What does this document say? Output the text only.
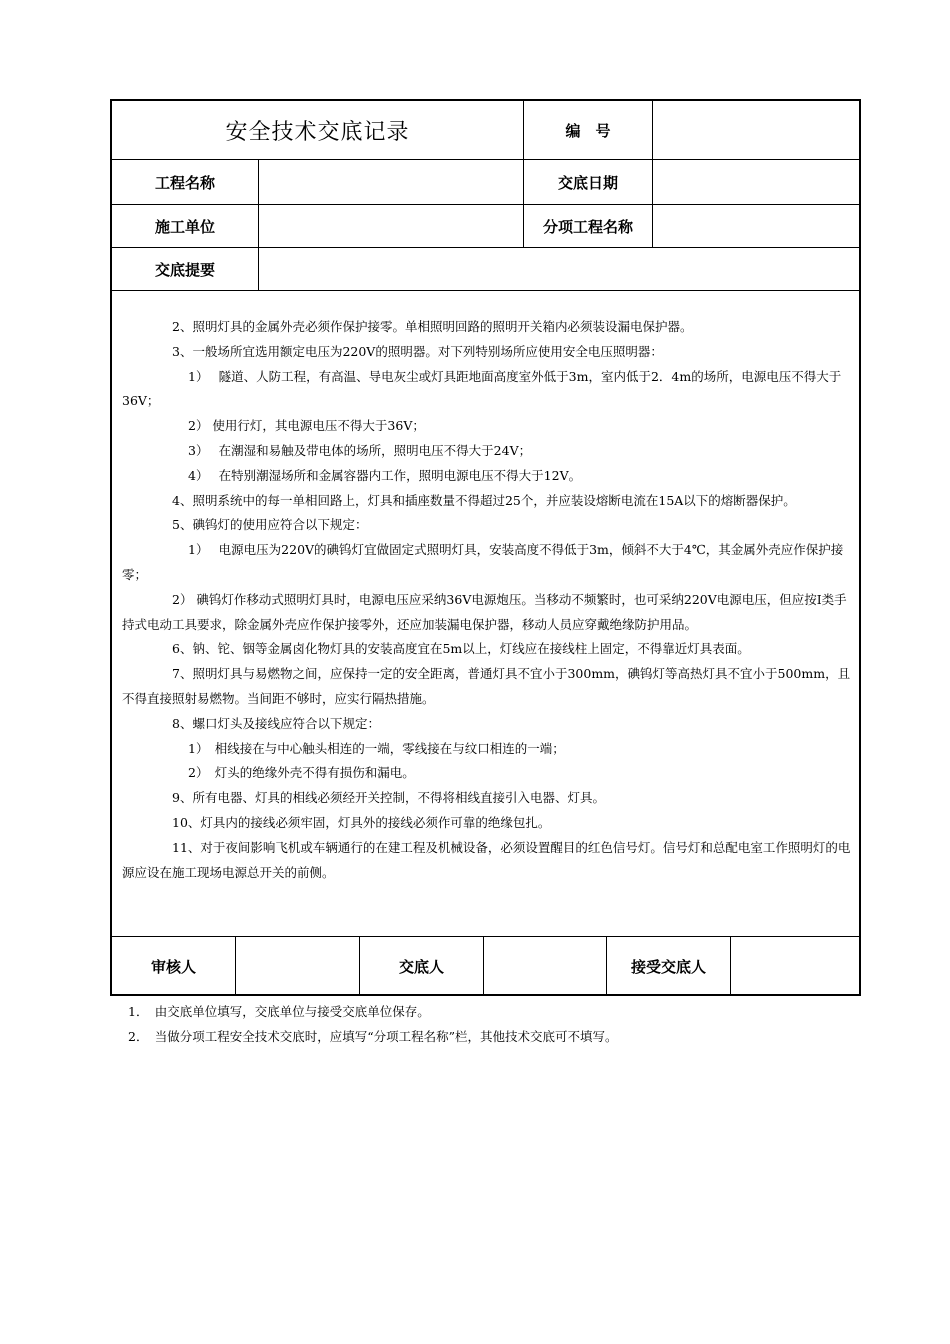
安全技术交底记录	编　号
工程名称	交底日期
施工单位	分项工程名称
交底提要

2、照明灯具的金属外壳必须作保护接零。单相照明回路的照明开关箱内必须装设漏电保护器。

3、一般场所宜选用额定电压为220V的照明器。对下列特别场所应使用安全电压照明器：

1）　 隧道、人防工程，有高温、导电灰尘或灯具距地面高度室外低于3m，室内低于2．4m的场所，电源电压不得大于36V；

2） 使用行灯，其电源电压不得大于36V；

3）　 在潮湿和易触及带电体的场所，照明电压不得大于24V；

4）　 在特别潮湿场所和金属容器内工作，照明电源电压不得大于12V。

4、照明系统中的每一单相回路上，灯具和插座数量不得超过25个，并应装设熔断电流在15A以下的熔断器保护。

5、碘钨灯的使用应符合以下规定：

1）　 电源电压为220V的碘钨灯宜做固定式照明灯具，安装高度不得低于3m，倾斜不大于4℃，其金属外壳应作保护接零；

2） 碘钨灯作移动式照明灯具时，电源电压应采纳36V电源炮压。当移动不频繁时，也可采纳220V电源电压，但应按Ⅰ类手持式电动工具要求，除金属外壳应作保护接零外，还应加装漏电保护器，移动人员应穿戴绝缘防护用品。

6、钠、铊、铟等金属卤化物灯具的安装高度宜在5m以上，灯线应在接线柱上固定，不得靠近灯具表面。

7、照明灯具与易燃物之间，应保持一定的安全距离，普通灯具不宜小于300mm，碘钨灯等高热灯具不宜小于500mm，且不得直接照射易燃物。当间距不够时，应实行隔热措施。

8、螺口灯头及接线应符合以下规定：

1）　相线接在与中心触头相连的一端，零线接在与纹口相连的一端；

2）　灯头的绝缘外壳不得有损伤和漏电。

9、所有电器、灯具的相线必须经开关控制，不得将相线直接引入电器、灯具。

10、灯具内的接线必须牢固，灯具外的接线必须作可靠的绝缘包扎。

11、对于夜间影响飞机或车辆通行的在建工程及机械设备，必须设置醒目的红色信号灯。信号灯和总配电室工作照明灯的电源应设在施工现场电源总开关的前侧。

审核人	交底人	接受交底人

1．　由交底单位填写，交底单位与接受交底单位保存。

2．　当做分项工程安全技术交底时，应填写“分项工程名称”栏，其他技术交底可不填写。
